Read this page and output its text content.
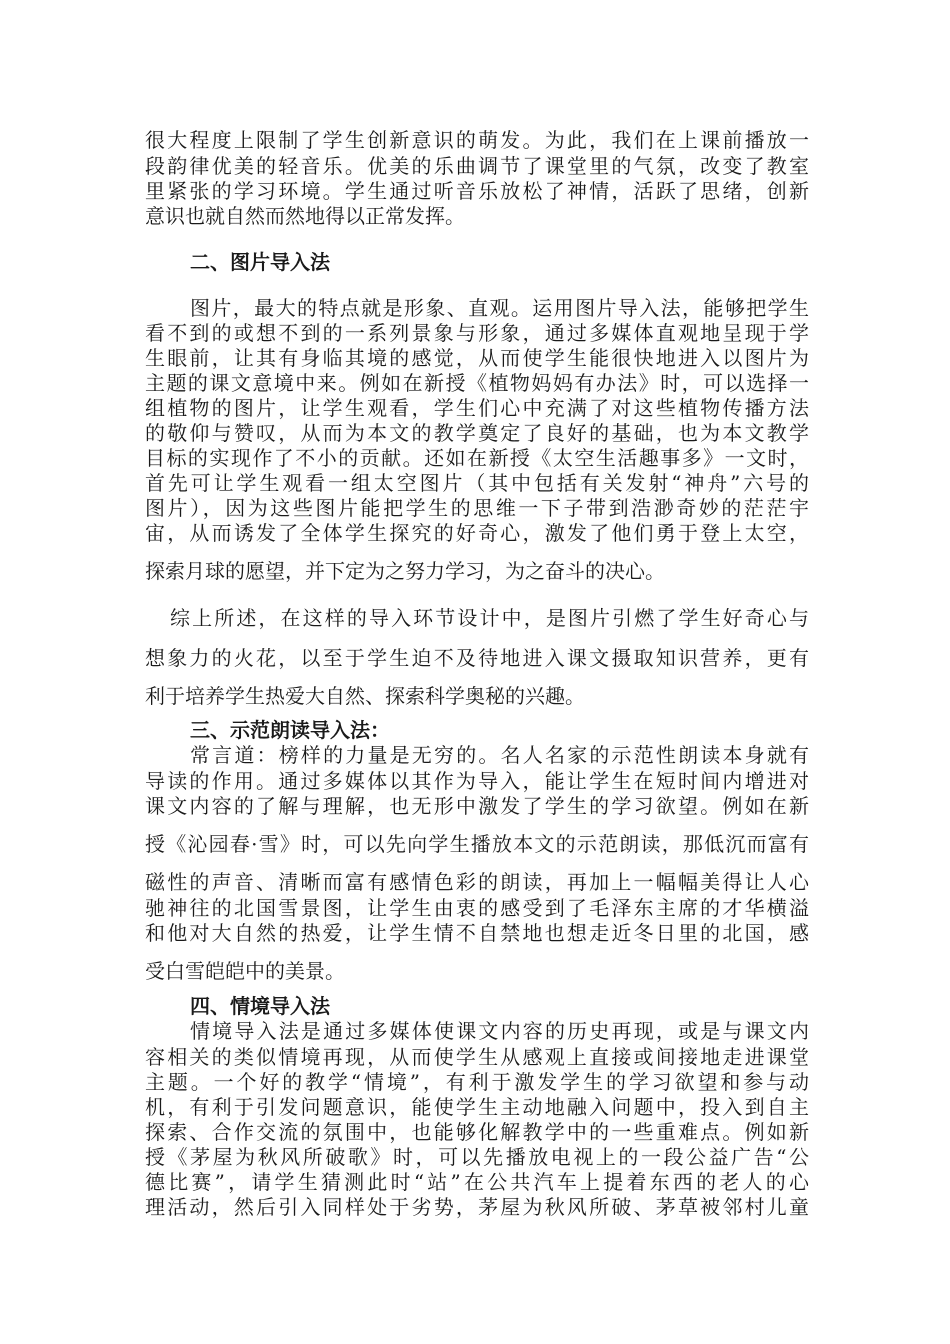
很大程度上限制了学生创新意识的萌发。为此，我们在上课前播放一
段韵律优美的轻音乐。优美的乐曲调节了课堂里的气氛，改变了教室
里紧张的学习环境。学生通过听音乐放松了神情，活跃了思绪，创新
意识也就自然而然地得以正常发挥。
二、图片导入法
图片，最大的特点就是形象、直观。运用图片导入法，能够把学生
看不到的或想不到的一系列景象与形象，通过多媒体直观地呈现于学
生眼前，让其有身临其境的感觉，从而使学生能很快地进入以图片为
主题的课文意境中来。例如在新授《植物妈妈有办法》时，可以选择一
组植物的图片，让学生观看，学生们心中充满了对这些植物传播方法
的敬仰与赞叹，从而为本文的教学奠定了良好的基础，也为本文教学
目标的实现作了不小的贡献。还如在新授《太空生活趣事多》一文时，
首先可让学生观看一组太空图片（其中包括有关发射“神舟”六号的
图片），因为这些图片能把学生的思维一下子带到浩渺奇妙的茫茫宇
宙，从而诱发了全体学生探究的好奇心，激发了他们勇于登上太空，
探索月球的愿望，并下定为之努力学习，为之奋斗的决心。
综上所述，在这样的导入环节设计中，是图片引燃了学生好奇心与
想象力的火花，以至于学生迫不及待地进入课文摄取知识营养，更有
利于培养学生热爱大自然、探索科学奥秘的兴趣。
三、示范朗读导入法：
常言道：榜样的力量是无穷的。名人名家的示范性朗读本身就有
导读的作用。通过多媒体以其作为导入，能让学生在短时间内增进对
课文内容的了解与理解，也无形中激发了学生的学习欲望。例如在新
授《沁园春·雪》时，可以先向学生播放本文的示范朗读，那低沉而富有
磁性的声音、清晰而富有感情色彩的朗读，再加上一幅幅美得让人心
驰神往的北国雪景图，让学生由衷的感受到了毛泽东主席的才华横溢
和他对大自然的热爱，让学生情不自禁地也想走近冬日里的北国，感
受白雪皑皑中的美景。
四、情境导入法
情境导入法是通过多媒体使课文内容的历史再现，或是与课文内
容相关的类似情境再现，从而使学生从感观上直接或间接地走进课堂
主题。一个好的教学“情境”，有利于激发学生的学习欲望和参与动
机，有利于引发问题意识，能使学生主动地融入问题中，投入到自主
探索、合作交流的氛围中，也能够化解教学中的一些重难点。例如新
授《茅屋为秋风所破歌》时，可以先播放电视上的一段公益广告“公
德比赛”，请学生猜测此时“站”在公共汽车上提着东西的老人的心
理活动，然后引入同样处于劣势，茅屋为秋风所破、茅草被邻村儿童
